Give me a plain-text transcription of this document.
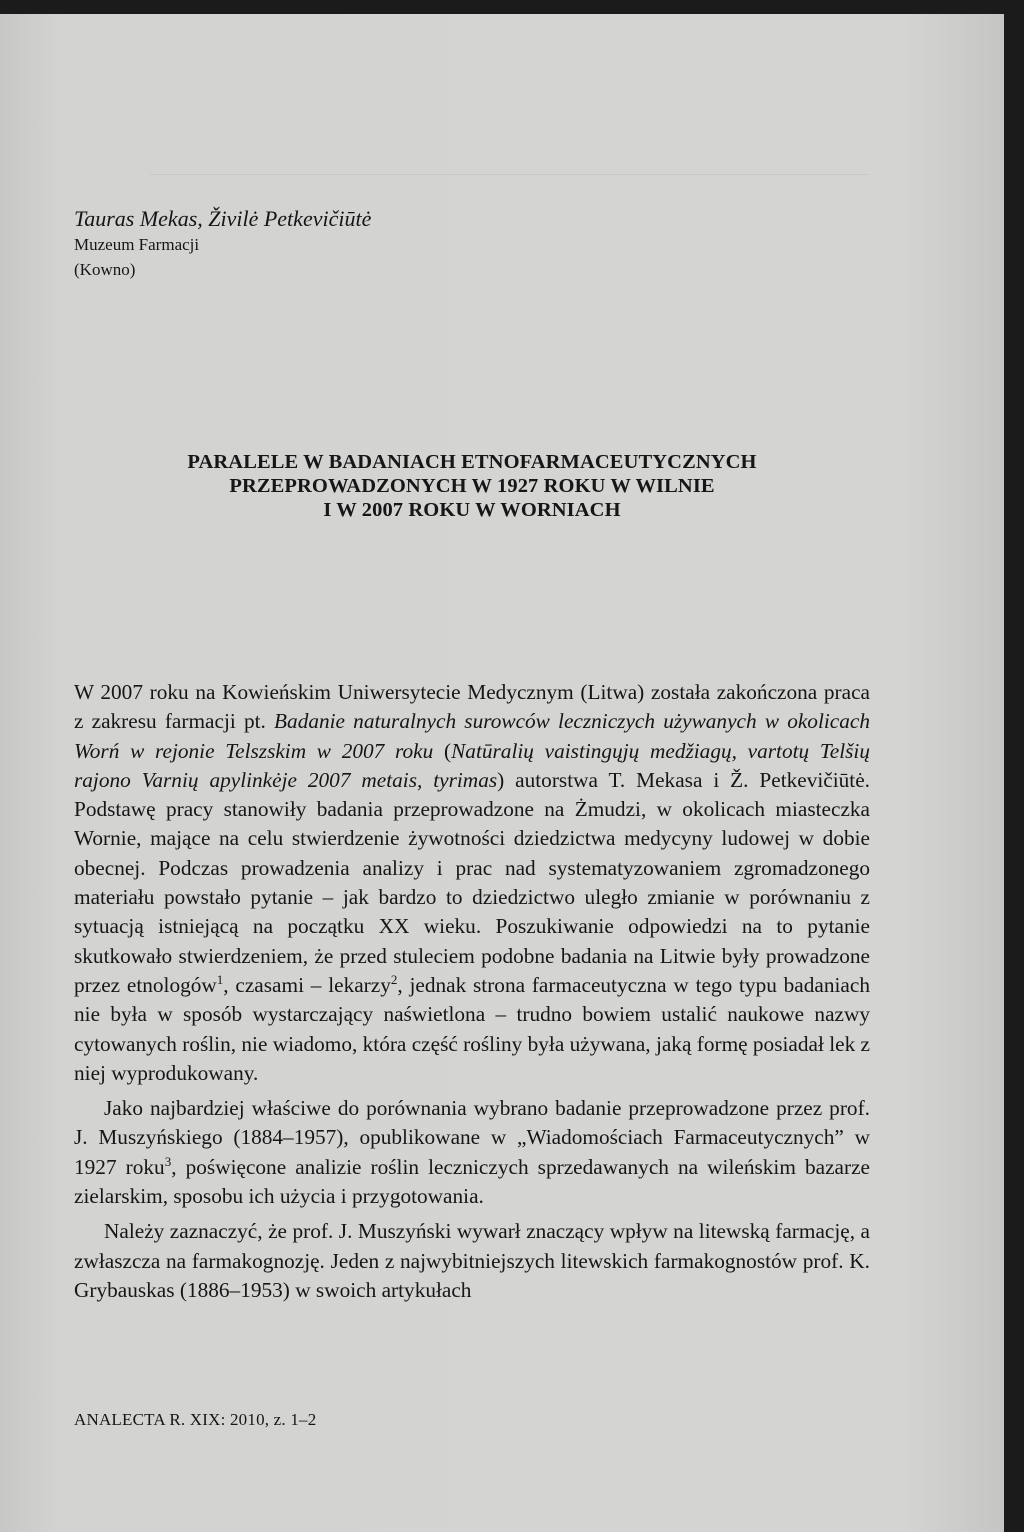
Tauras Mekas, Živilė Petkevičiūtė
Muzeum Farmacji
(Kowno)
PARALELE W BADANIACH ETNOFARMACEUTYCZNYCH
PRZEPROWADZONYCH W 1927 ROKU W WILNIE
I W 2007 ROKU W WORNIACH

W 2007 roku na Kowieńskim Uniwersytecie Medycznym (Litwa) została zakończona praca z zakresu farmacji pt. Badanie naturalnych surowców leczniczych używanych w okolicach Worń w rejonie Telszskim w 2007 roku (Natūralių vaistingųjų medžiagų, vartotų Telšių rajono Varnių apylinkėje 2007 metais, tyrimas) autorstwa T. Mekasa i Ž. Petkevičiūtė. Podstawę pracy stanowiły badania przeprowadzone na Żmudzi, w okolicach miasteczka Wornie, mające na celu stwierdzenie żywotności dziedzictwa medycyny ludowej w dobie obecnej. Podczas prowadzenia analizy i prac nad systematyzowaniem zgromadzonego materiału powstało pytanie – jak bardzo to dziedzictwo uległo zmianie w porównaniu z sytuacją istniejącą na początku XX wieku. Poszukiwanie odpowiedzi na to pytanie skutkowało stwierdzeniem, że przed stuleciem podobne badania na Litwie były prowadzone przez etnologów$^1$, czasami – lekarzy$^2$, jednak strona farmaceutyczna w tego typu badaniach nie była w sposób wystarczający naświetlona – trudno bowiem ustalić naukowe nazwy cytowanych roślin, nie wiadomo, która część rośliny była używana, jaką formę posiadał lek z niej wyprodukowany.

Jako najbardziej właściwe do porównania wybrano badanie przeprowadzone przez prof. J. Muszyńskiego (1884–1957), opublikowane w „Wiadomościach Farmaceutycznych” w 1927 roku$^3$, poświęcone analizie roślin leczniczych sprzedawanych na wileńskim bazarze zielarskim, sposobu ich użycia i przygotowania.

Należy zaznaczyć, że prof. J. Muszyński wywarł znaczący wpływ na litewską farmację, a zwłaszcza na farmakognozję. Jeden z najwybitniejszych litewskich farmakognostów prof. K. Grybauskas (1886–1953) w swoich artykułach

ANALECTA R. XIX: 2010, z. 1–2
